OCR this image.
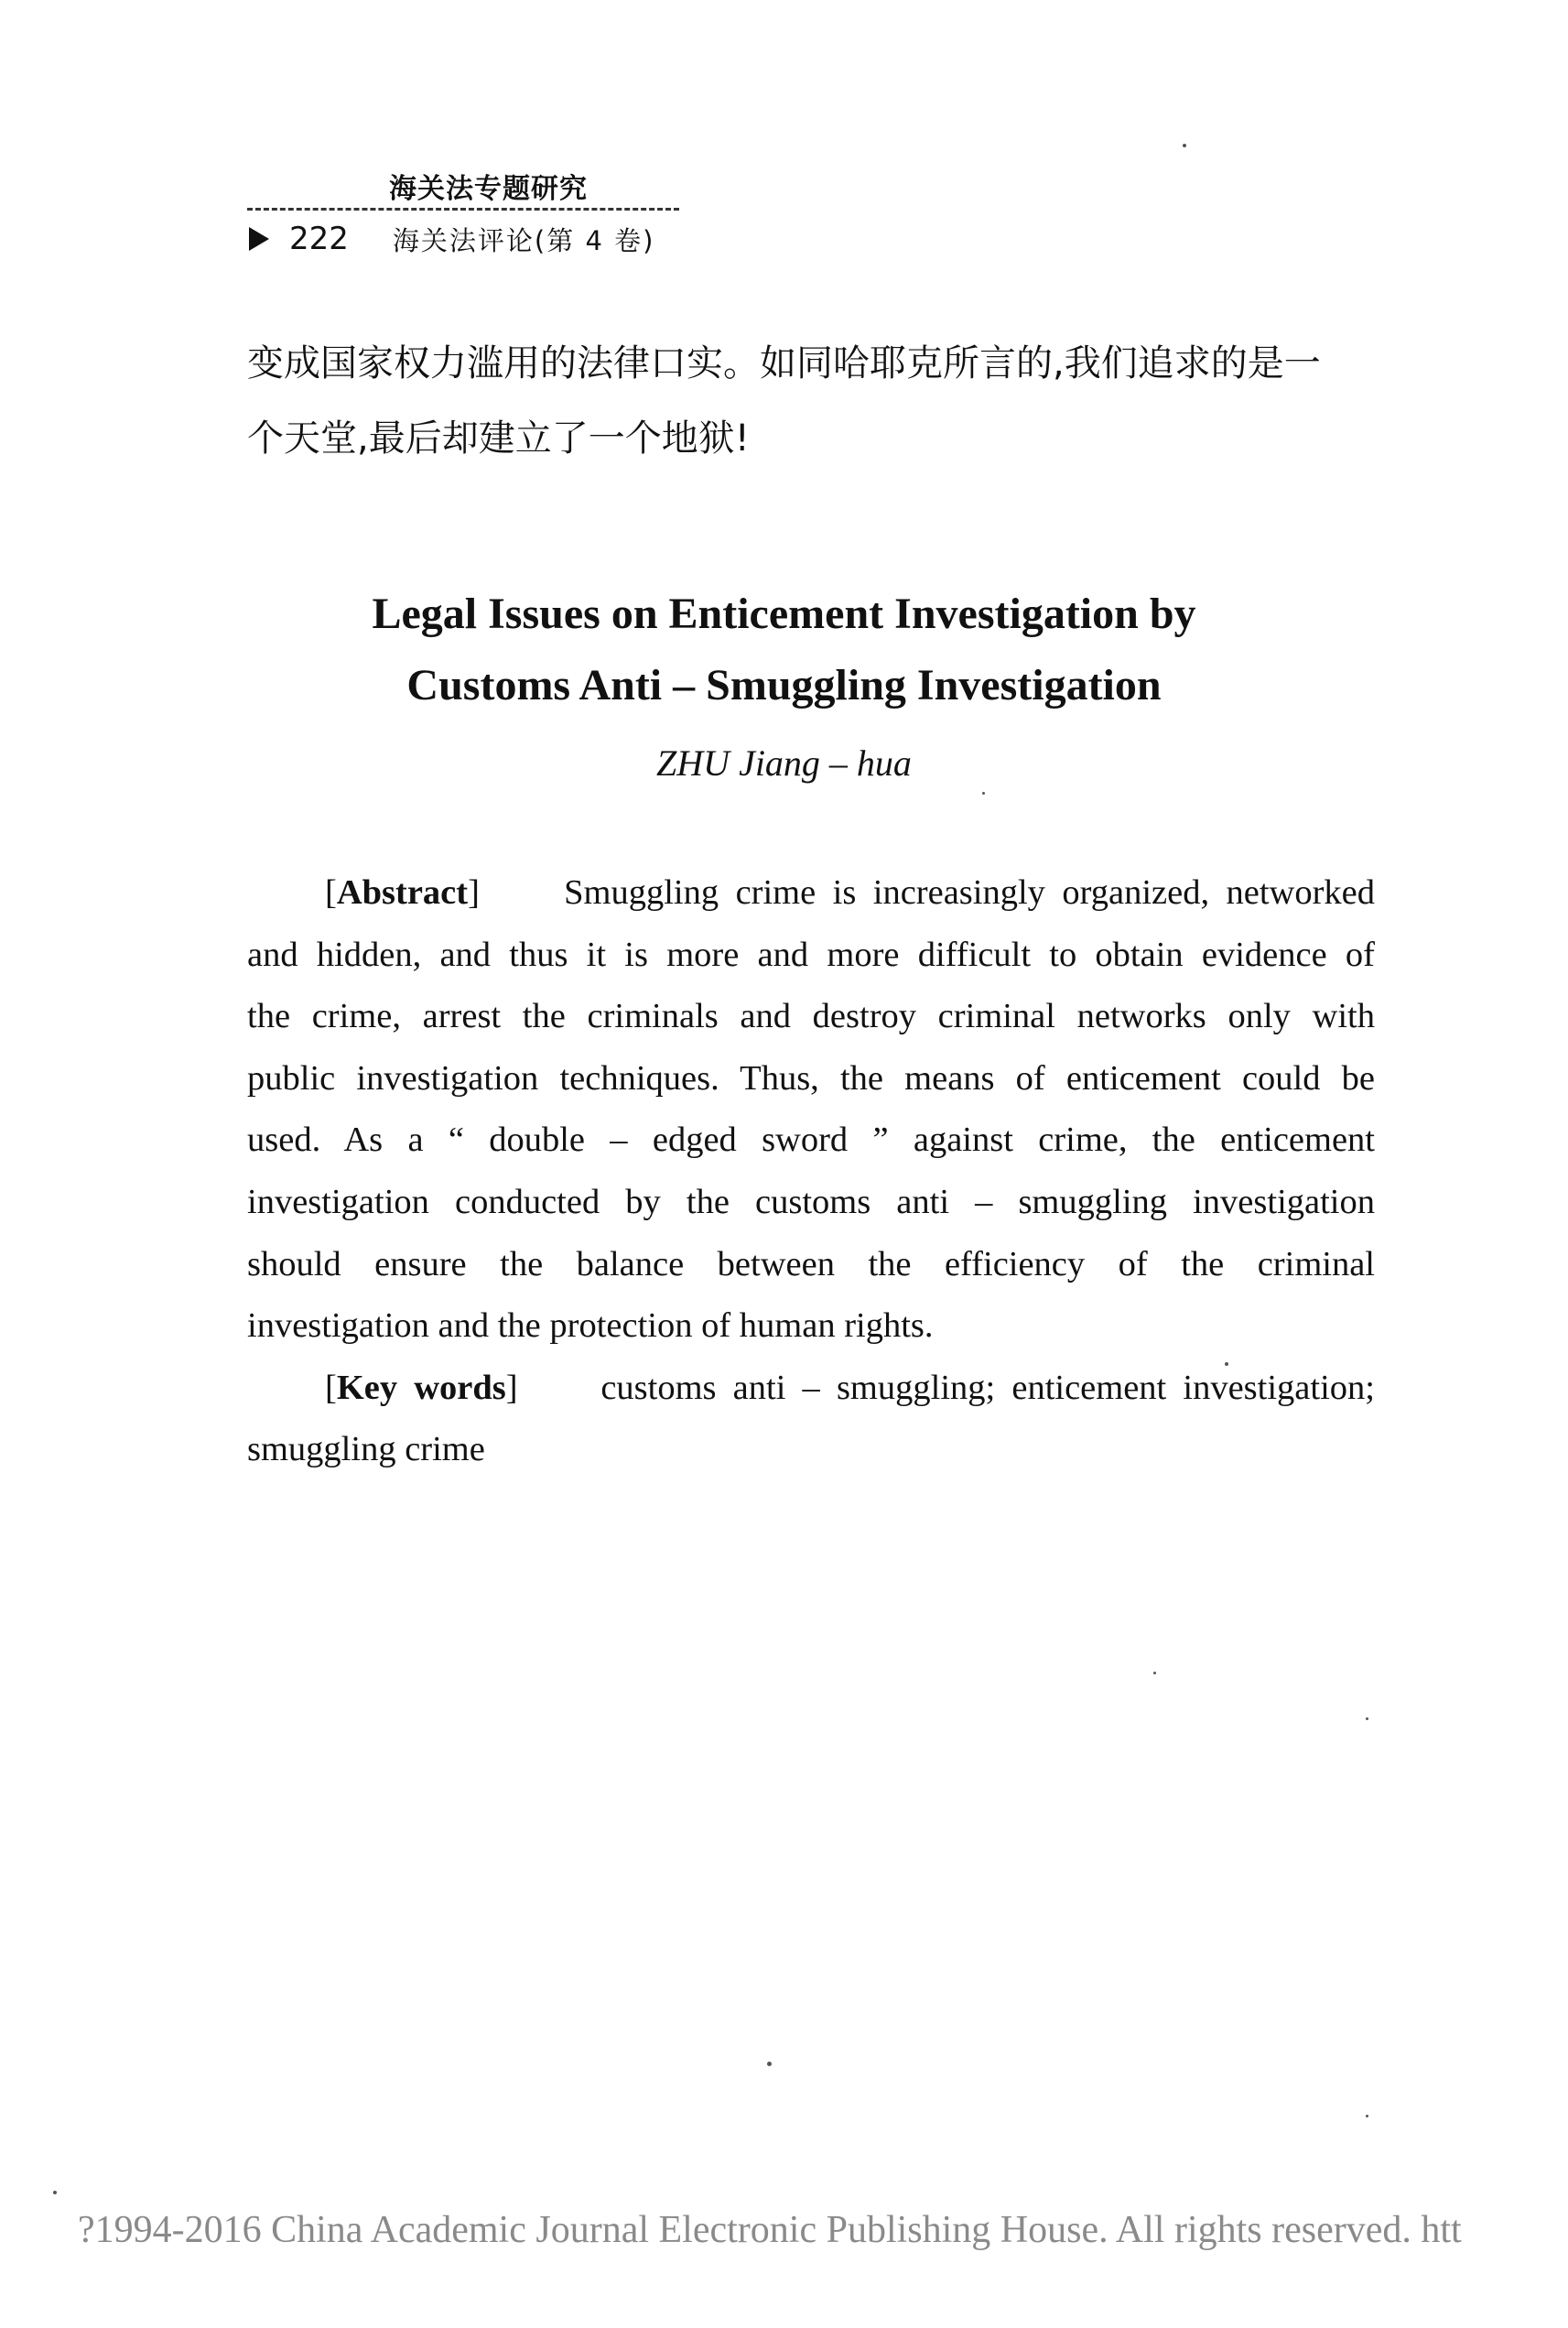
海关法专题研究
222 海关法评论(第 4 卷)
变成国家权力滥用的法律口实。如同哈耶克所言的,我们追求的是一
个天堂,最后却建立了一个地狱!
Legal Issues on Enticement Investigation by
Customs Anti – Smuggling Investigation
ZHU Jiang – hua
[Abstract]     Smuggling crime is increasingly organized, networked
and hidden, and thus it is more and more difficult to obtain evidence of
the crime, arrest the criminals and destroy criminal networks only with
public investigation techniques. Thus, the means of enticement could be
used. As a “ double – edged sword ” against crime, the enticement
investigation conducted by the customs anti – smuggling investigation
should ensure the balance between the efficiency of the criminal
investigation and the protection of human rights.
[Key words]     customs anti – smuggling; enticement investigation;
smuggling crime
?1994-2016 China Academic Journal Electronic Publishing House. All rights reserved. htt
